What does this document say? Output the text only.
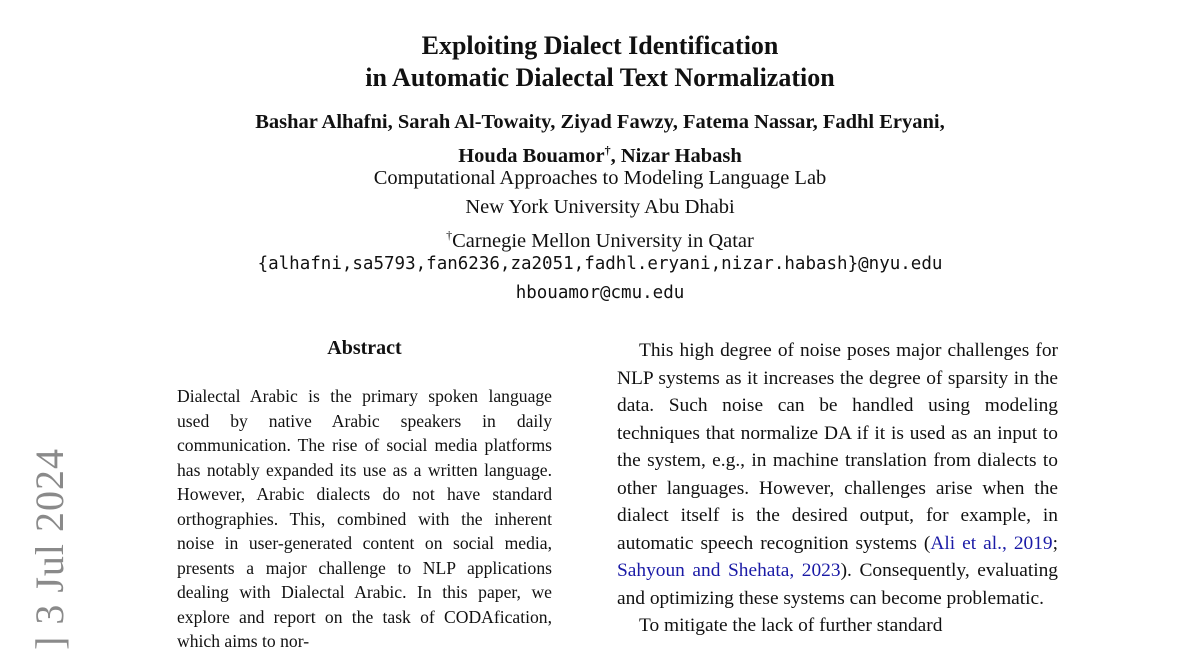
] 3 Jul 2024
Exploiting Dialect Identification
in Automatic Dialectal Text Normalization
Bashar Alhafni, Sarah Al-Towaity, Ziyad Fawzy, Fatema Nassar, Fadhl Eryani,
Houda Bouamor†, Nizar Habash
Computational Approaches to Modeling Language Lab
New York University Abu Dhabi
†Carnegie Mellon University in Qatar
{alhafni,sa5793,fan6236,za2051,fadhl.eryani,nizar.habash}@nyu.edu
hbouamor@cmu.edu
Abstract

Dialectal Arabic is the primary spoken language used by native Arabic speakers in daily communication. The rise of social media platforms has notably expanded its use as a written language. However, Arabic dialects do not have standard orthographies. This, combined with the inherent noise in user-generated content on social media, presents a major challenge to NLP applications dealing with Dialectal Arabic. In this paper, we explore and report on the task of CODAfication, which aims to nor-

This high degree of noise poses major challenges for NLP systems as it increases the degree of sparsity in the data. Such noise can be handled using modeling techniques that normalize DA if it is used as an input to the system, e.g., in machine translation from dialects to other languages. However, challenges arise when the dialect itself is the desired output, for example, in automatic speech recognition systems (Ali et al., 2019; Sahyoun and Shehata, 2023). Consequently, evaluating and optimizing these systems can become problematic.

To mitigate the lack of further standard
